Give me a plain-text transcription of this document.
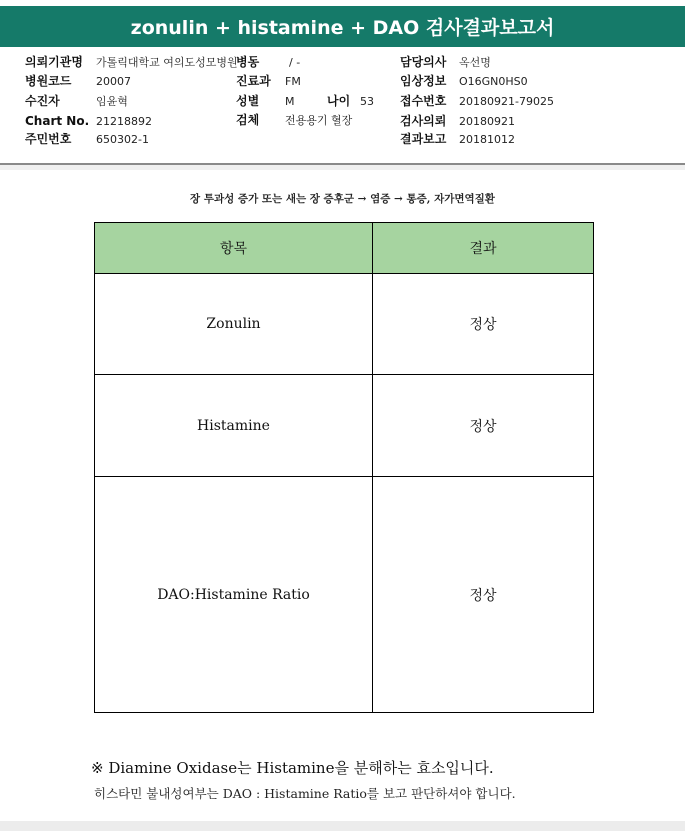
zonulin + histamine + DAO 검사결과보고서
의뢰기관명 가톨릭대학교 여의도성모병원
병원코드 20007
수진자	임윤혁
Chart No. 21218892
주민번호 650302-1
병동	/ -
진료과 FM
성별 M	나이 53
검체 전용용기 혈장
담당의사 옥선명
임상정보 O16GN0HS0
접수번호 20180921-79025
검사의뢰 20180921
결과보고 20181012
장 투과성 증가 또는 새는 장 증후군 → 염증 → 통증, 자가면역질환
항목	결과
Zonulin	정상
Histamine	정상
DAO:Histamine Ratio	정상
※ Diamine Oxidase는 Histamine을 분해하는 효소입니다.
히스타민 불내성여부는 DAO : Histamine Ratio를 보고 판단하셔야 합니다.
